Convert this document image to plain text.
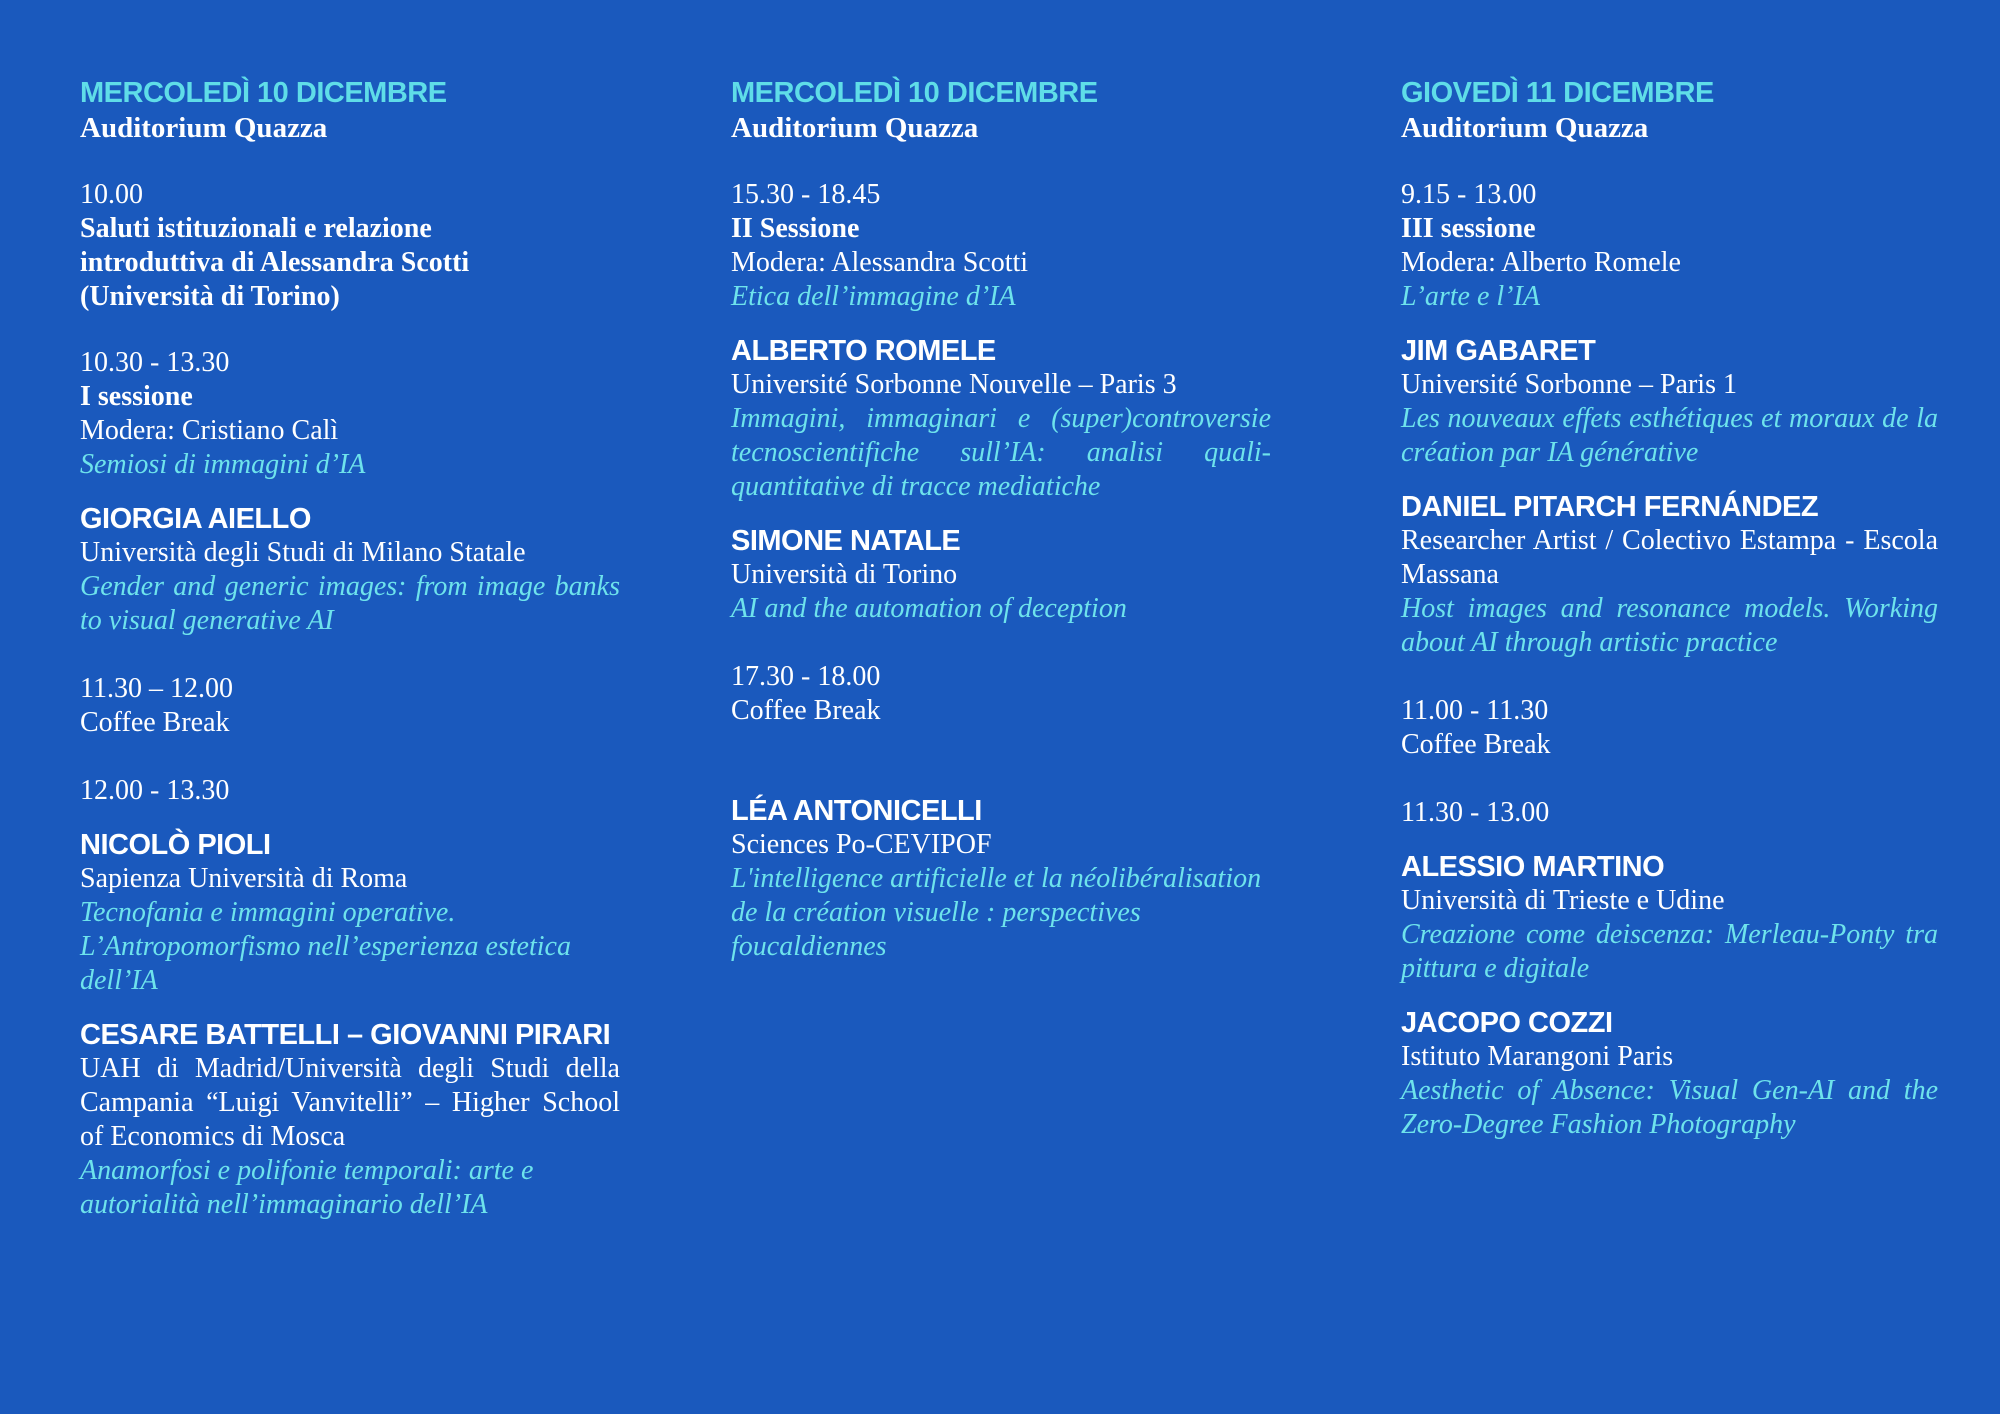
MERCOLEDÌ 10 DICEMBRE
Auditorium Quazza
10.00
Saluti istituzionali e relazione
introduttiva di Alessandra Scotti
(Università di Torino)
10.30 - 13.30
I sessione
Modera: Cristiano Calì
Semiosi di immagini d’IA
GIORGIA AIELLO
Università degli Studi di Milano Statale
Gender and generic images: from image banks to visual generative AI
11.30 – 12.00
Coffee Break
12.00 - 13.30
NICOLÒ PIOLI
Sapienza Università di Roma
Tecnofania e immagini operative.
L’Antropomorfismo nell’esperienza estetica dell’IA
CESARE BATTELLI – GIOVANNI PIRARI
UAH di Madrid/Università degli Studi della Campania “Luigi Vanvitelli” – Higher School of Economics di Mosca
Anamorfosi e polifonie temporali: arte e autorialità nell’immaginario dell’IA
MERCOLEDÌ 10 DICEMBRE
Auditorium Quazza
15.30 - 18.45
II Sessione
Modera: Alessandra Scotti
Etica dell’immagine d’IA
ALBERTO ROMELE
Université Sorbonne Nouvelle – Paris 3
Immagini, immaginari e (super)controversie tecnoscientifiche sull’IA: analisi quali-quantitative di tracce mediatiche
SIMONE NATALE
Università di Torino
AI and the automation of deception
17.30 - 18.00
Coffee Break
LÉA ANTONICELLI
Sciences Po-CEVIPOF
L'intelligence artificielle et la néolibéralisation de la création visuelle : perspectives foucaldiennes
GIOVEDÌ 11 DICEMBRE
Auditorium Quazza
9.15 - 13.00
III sessione
Modera: Alberto Romele
L’arte e l’IA
JIM GABARET
Université Sorbonne – Paris 1
Les nouveaux effets esthétiques et moraux de la création par IA générative
DANIEL PITARCH FERNÁNDEZ
Researcher Artist / Colectivo Estampa - Escola Massana
Host images and resonance models. Working about AI through artistic practice
11.00 - 11.30
Coffee Break
11.30 - 13.00
ALESSIO MARTINO
Università di Trieste e Udine
Creazione come deiscenza: Merleau-Ponty tra pittura e digitale
JACOPO COZZI
Istituto Marangoni Paris
Aesthetic of Absence: Visual Gen-AI and the Zero-Degree Fashion Photography
